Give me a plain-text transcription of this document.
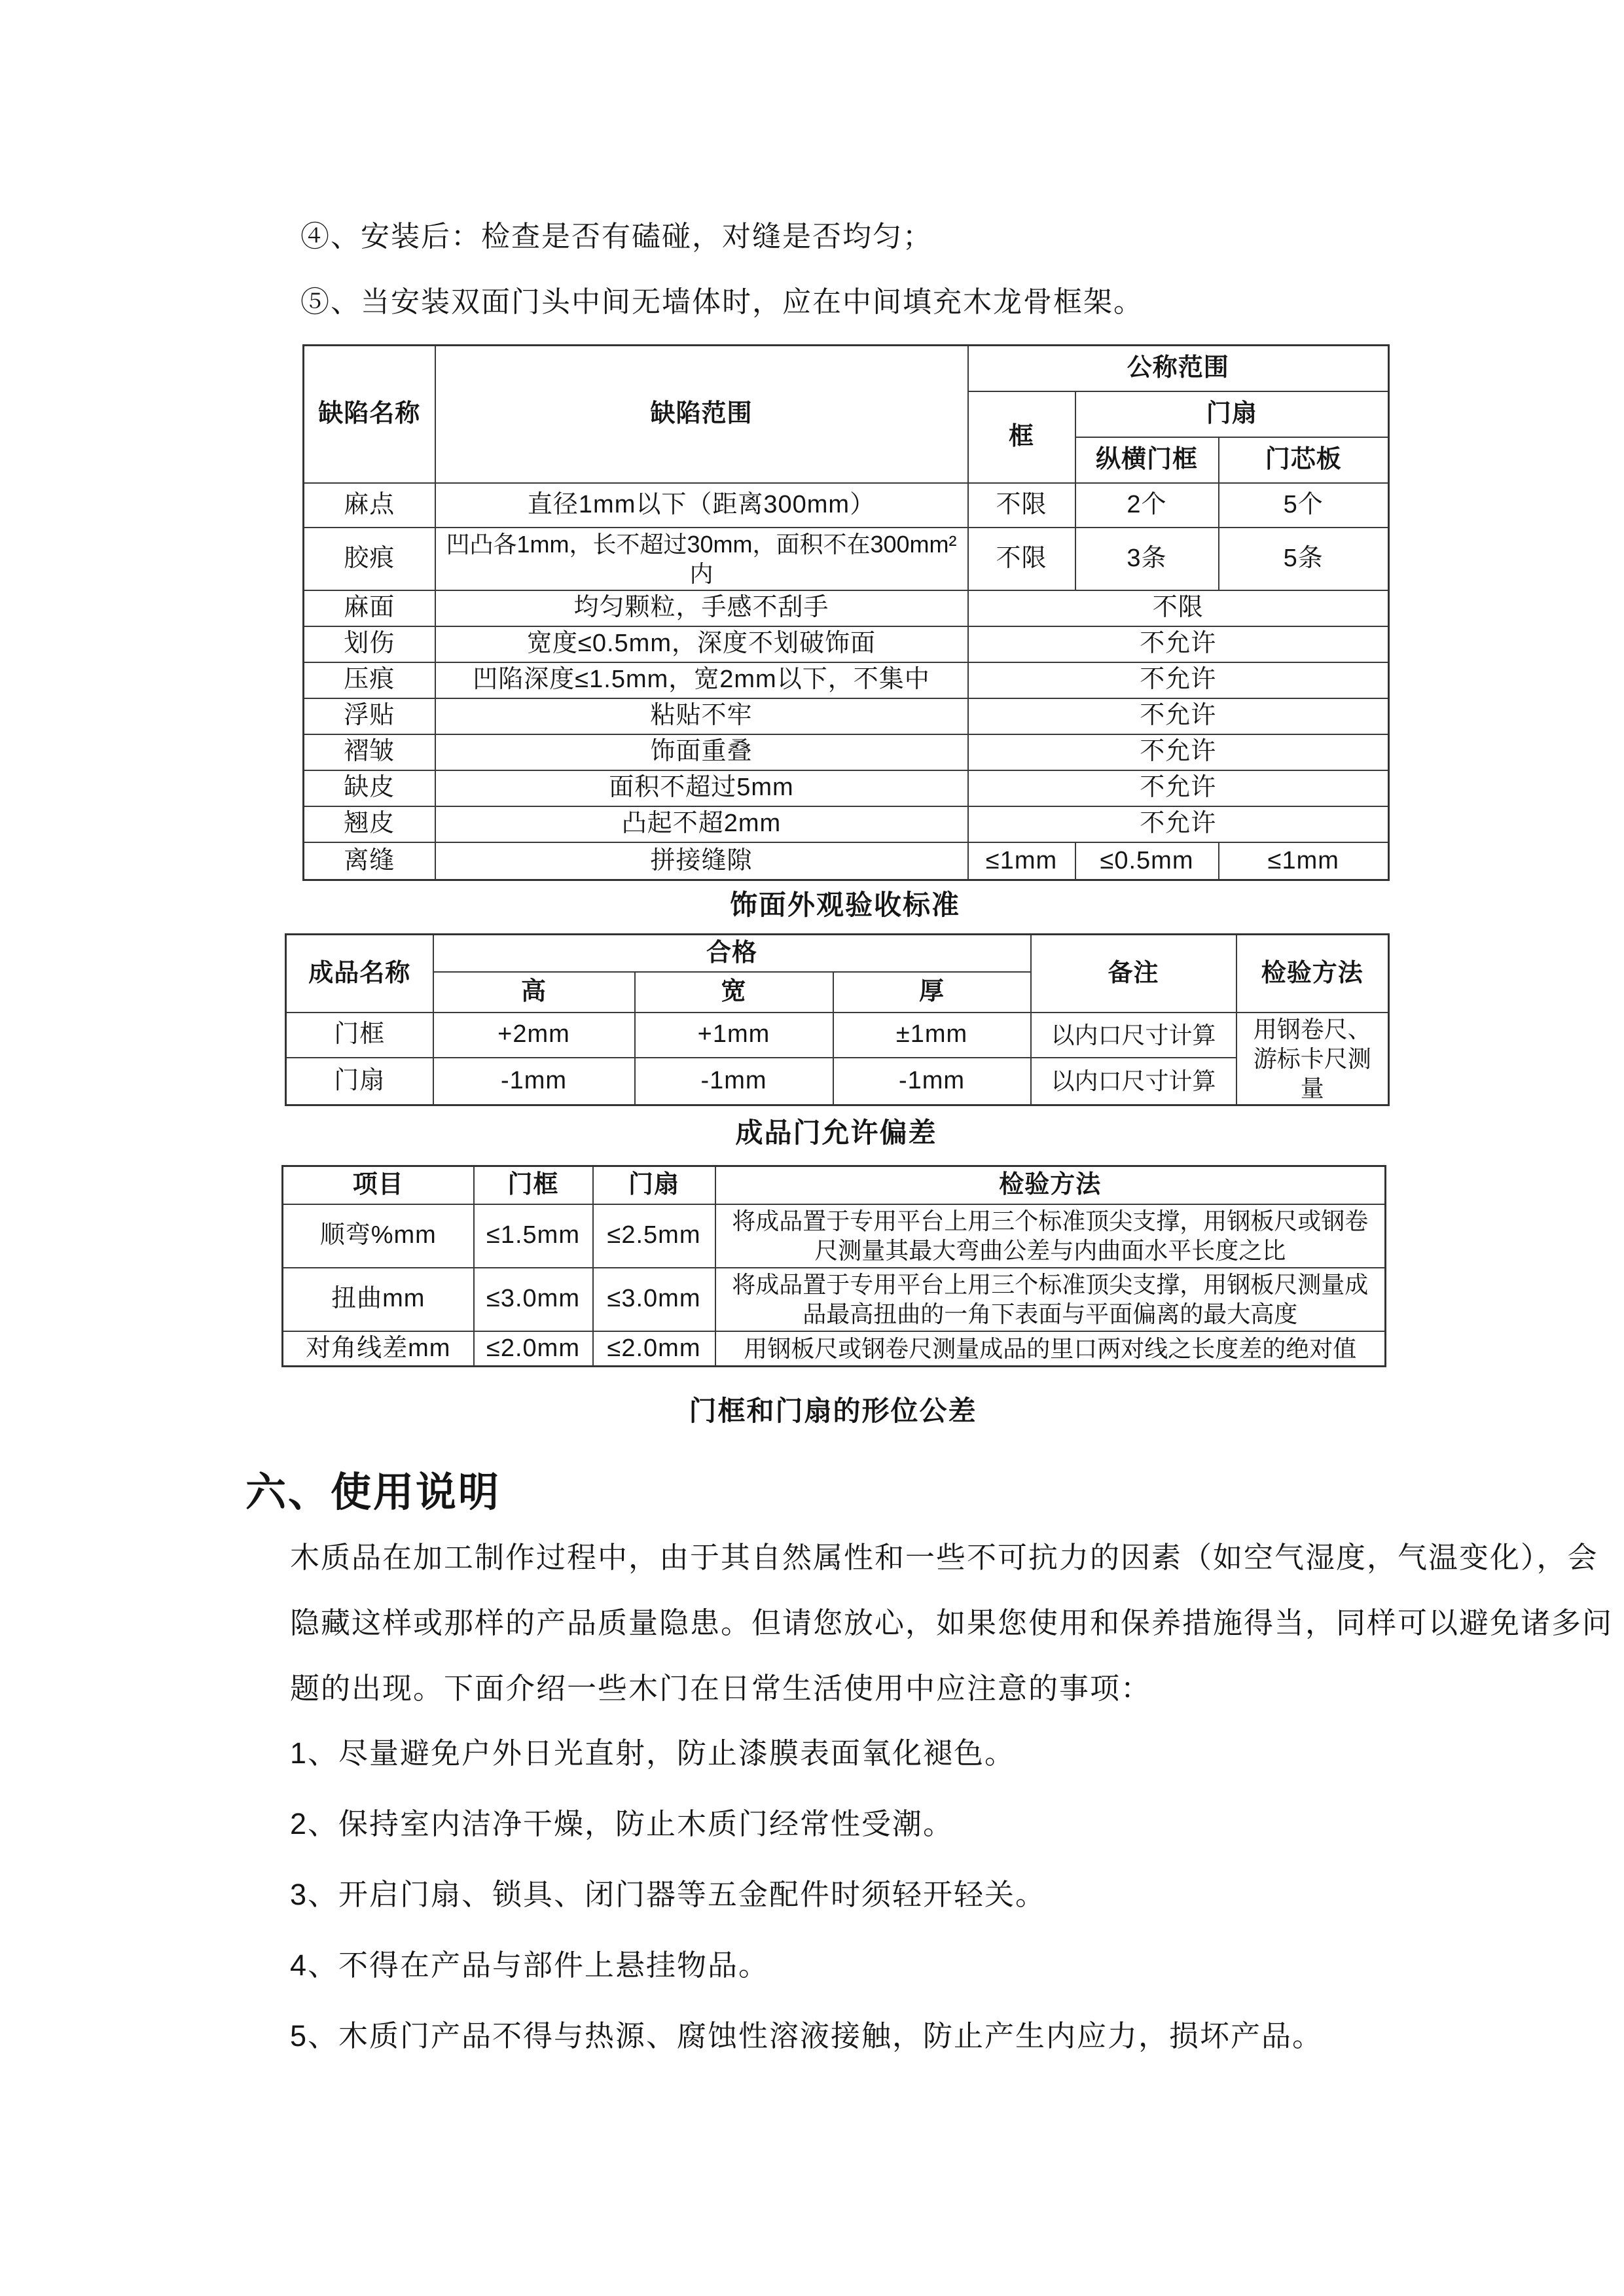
④、安装后：检查是否有磕碰，对缝是否均匀；
⑤、当安装双面门头中间无墙体时，应在中间填充木龙骨框架。
缺陷名称	缺陷范围	公称范围		
		框	门扇	
			纵横门框	门芯板
麻点	直径1mm以下（距离300mm）	不限	2个	5个
胶痕	凹凸各1mm，长不超过30mm，面积不在300mm²内	不限	3条	5条
麻面	均匀颗粒，手感不刮手	不限		
划伤	宽度≤0.5mm，深度不划破饰面	不允许		
压痕	凹陷深度≤1.5mm，宽2mm以下，不集中	不允许		
浮贴	粘贴不牢	不允许		
褶皱	饰面重叠	不允许		
缺皮	面积不超过5mm	不允许		
翘皮	凸起不超2mm	不允许		
离缝	拼接缝隙	≤1mm	≤0.5mm	≤1mm
饰面外观验收标准
成品名称	合格			备注	检验方法
	高	宽	厚		
门框	+2mm	+1mm	±1mm	以内口尺寸计算	用钢卷尺、游标卡尺测量
门扇	-1mm	-1mm	-1mm	以内口尺寸计算	
成品门允许偏差
项目	门框	门扇	检验方法
顺弯%mm	≤1.5mm	≤2.5mm	将成品置于专用平台上用三个标准顶尖支撑，用钢板尺或钢卷尺测量其最大弯曲公差与内曲面水平长度之比
扭曲mm	≤3.0mm	≤3.0mm	将成品置于专用平台上用三个标准顶尖支撑，用钢板尺测量成品最高扭曲的一角下表面与平面偏离的最大高度
对角线差mm	≤2.0mm	≤2.0mm	用钢板尺或钢卷尺测量成品的里口两对线之长度差的绝对值
门框和门扇的形位公差
六、使用说明
木质品在加工制作过程中，由于其自然属性和一些不可抗力的因素（如空气湿度，气温变化），会
隐藏这样或那样的产品质量隐患。但请您放心，如果您使用和保养措施得当，同样可以避免诸多问
题的出现。下面介绍一些木门在日常生活使用中应注意的事项：
1、尽量避免户外日光直射，防止漆膜表面氧化褪色。
2、保持室内洁净干燥，防止木质门经常性受潮。
3、开启门扇、锁具、闭门器等五金配件时须轻开轻关。
4、不得在产品与部件上悬挂物品。
5、木质门产品不得与热源、腐蚀性溶液接触，防止产生内应力，损坏产品。
